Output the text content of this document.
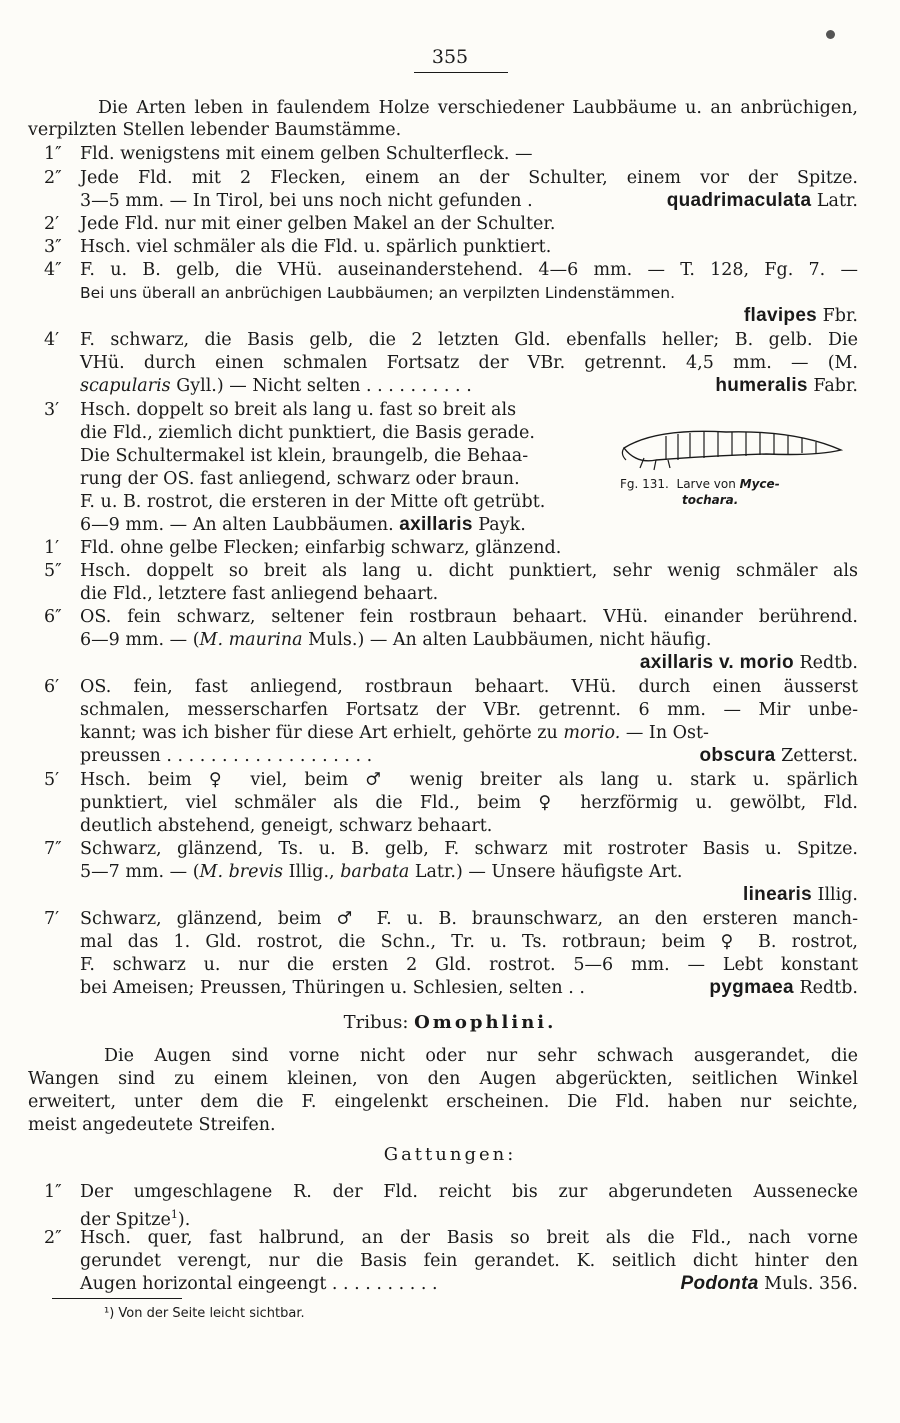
355
Die Arten leben in faulendem Holze verschiedener Laubbäume u. an anbrüchigen,
verpilzten Stellen lebender Baumstämme.
1″ Fld. wenigstens mit einem gelben Schulterfleck. —
2″ Jede Fld. mit 2 Flecken, einem an der Schulter, einem vor der Spitze.
3—5 mm. — In Tirol, bei uns noch nicht gefunden .	quadrimaculata Latr.
2′ Jede Fld. nur mit einer gelben Makel an der Schulter.
3″ Hsch. viel schmäler als die Fld. u. spärlich punktiert.
4″ F. u. B. gelb, die VHü. auseinanderstehend. 4—6 mm. — T. 128, Fg. 7. —
Bei uns überall an anbrüchigen Laubbäumen; an verpilzten Lindenstämmen.
flavipes Fbr.
4′ F. schwarz, die Basis gelb, die 2 letzten Gld. ebenfalls heller; B. gelb. Die
VHü. durch einen schmalen Fortsatz der VBr. getrennt. 4,5 mm. — (M.
scapularis Gyll.) — Nicht selten . . . . . . . . . .	humeralis Fabr.
3′ Hsch. doppelt so breit als lang u. fast so breit als
die Fld., ziemlich dicht punktiert, die Basis gerade.
Die Schultermakel ist klein, braungelb, die Behaa-
rung der OS. fast anliegend, schwarz oder braun.
F. u. B. rostrot, die ersteren in der Mitte oft getrübt.
6—9 mm. — An alten Laubbäumen. axillaris Payk.
Fg. 131. Larve von Myce-
tochara.
1′ Fld. ohne gelbe Flecken; einfarbig schwarz, glänzend.
5″ Hsch. doppelt so breit als lang u. dicht punktiert, sehr wenig schmäler als
die Fld., letztere fast anliegend behaart.
6″ OS. fein schwarz, seltener fein rostbraun behaart. VHü. einander berührend.
6—9 mm. — (M. maurina Muls.) — An alten Laubbäumen, nicht häufig.
axillaris v. morio Redtb.
6′ OS. fein, fast anliegend, rostbraun behaart. VHü. durch einen äusserst
schmalen, messerscharfen Fortsatz der VBr. getrennt. 6 mm. — Mir unbe-
kannt; was ich bisher für diese Art erhielt, gehörte zu morio. — In Ost-
preussen . . . . . . . . . . . . . . . . . . .	obscura Zetterst.
5′ Hsch. beim ♀ viel, beim ♂ wenig breiter als lang u. stark u. spärlich
punktiert, viel schmäler als die Fld., beim ♀ herzförmig u. gewölbt, Fld.
deutlich abstehend, geneigt, schwarz behaart.
7″ Schwarz, glänzend, Ts. u. B. gelb, F. schwarz mit rostroter Basis u. Spitze.
5—7 mm. — (M. brevis Illig., barbata Latr.) — Unsere häufigste Art.
linearis Illig.
7′ Schwarz, glänzend, beim ♂ F. u. B. braunschwarz, an den ersteren manch-
mal das 1. Gld. rostrot, die Schn., Tr. u. Ts. rotbraun; beim ♀ B. rostrot,
F. schwarz u. nur die ersten 2 Gld. rostrot. 5—6 mm. — Lebt konstant
bei Ameisen; Preussen, Thüringen u. Schlesien, selten . .	pygmaea Redtb.
Tribus: Omophlini.
Die Augen sind vorne nicht oder nur sehr schwach ausgerandet, die
Wangen sind zu einem kleinen, von den Augen abgerückten, seitlichen Winkel
erweitert, unter dem die F. eingelenkt erscheinen. Die Fld. haben nur seichte,
meist angedeutete Streifen.
Gattungen:
1″ Der umgeschlagene R. der Fld. reicht bis zur abgerundeten Aussenecke
der Spitze$^1$).
2″ Hsch. quer, fast halbrund, an der Basis so breit als die Fld., nach vorne
gerundet verengt, nur die Basis fein gerandet. K. seitlich dicht hinter den
Augen horizontal eingeengt . . . . . . . . . .	Podonta Muls. 356.
¹) Von der Seite leicht sichtbar.
